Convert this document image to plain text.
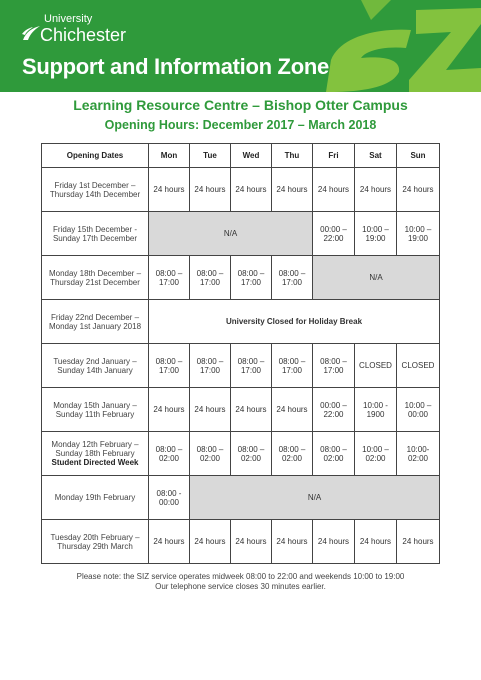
University
Chichester
Support and Information Zone
Learning Resource Centre – Bishop Otter Campus
Opening Hours: December 2017 – March 2018
Opening Dates	Mon	Tue	Wed	Thu	Fri	Sat	Sun
Friday 1st December –
Thursday 14th December	24 hours	24 hours	24 hours	24 hours	24 hours	24 hours	24 hours
Friday 15th December -
Sunday 17th December	N/A				00:00 – 22:00	10:00 – 19:00	10:00 – 19:00
Monday 18th December –
Thursday 21st December	08:00 – 17:00	08:00 – 17:00	08:00 – 17:00	08:00 – 17:00	N/A		
Friday 22nd December –
Monday 1st January 2018	University Closed for Holiday Break						
Tuesday 2nd January –
Sunday 14th January	08:00 – 17:00	08:00 – 17:00	08:00 – 17:00	08:00 – 17:00	08:00 – 17:00	CLOSED	CLOSED
Monday 15th January –
Sunday 11th February	24 hours	24 hours	24 hours	24 hours	00:00 – 22:00	10:00 - 1900	10:00 – 00:00
Monday 12th February –
Sunday 18th February
Student Directed Week	08:00 – 02:00	08:00 – 02:00	08:00 – 02:00	08:00 – 02:00	08:00 – 02:00	10:00 – 02:00	10:00- 02:00
Monday 19th February	08:00 - 00:00	N/A					
Tuesday 20th February –
Thursday 29th March	24 hours	24 hours	24 hours	24 hours	24 hours	24 hours	24 hours
Please note: the SIZ service operates midweek 08:00 to 22:00 and weekends 10:00 to 19:00
Our telephone service closes 30 minutes earlier.
